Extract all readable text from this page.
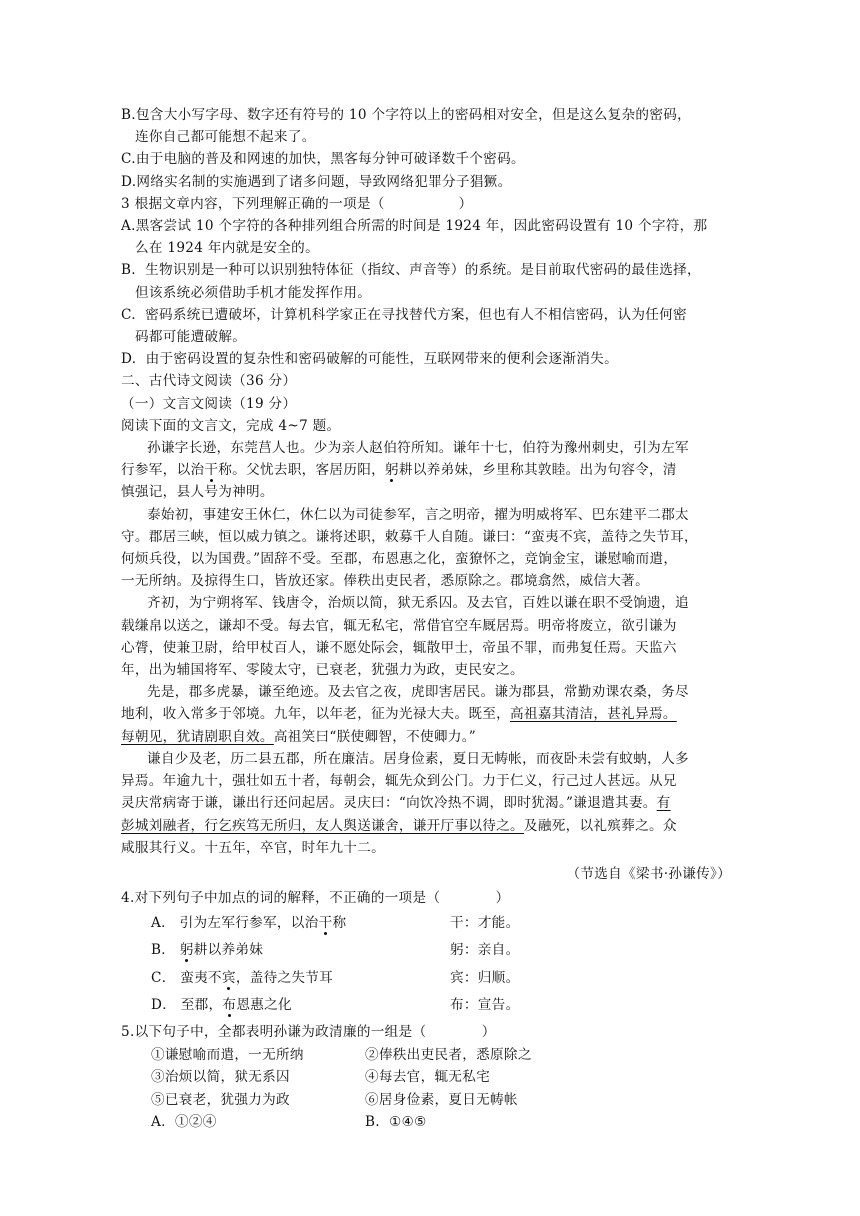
B.包含大小写字母、数字还有符号的 10 个字符以上的密码相对安全，但是这么复杂的密码，
连你自己都可能想不起来了。
C.由于电脑的普及和网速的加快，黑客每分钟可破译数千个密码。
D.网络实名制的实施遇到了诸多问题，导致网络犯罪分子猖獗。
3 根据文章内容，下列理解正确的一项是（                ）
A.黑客尝试 10 个字符的各种排列组合所需的时间是 1924 年，因此密码设置有 10 个字符，那
么在 1924 年内就是安全的。
B.  生物识别是一种可以识别独特体征（指纹、声音等）的系统。是目前取代密码的最佳选择，
但该系统必须借助手机才能发挥作用。
C.  密码系统已遭破坏，计算机科学家正在寻找替代方案，但也有人不相信密码，认为任何密
码都可能遭破解。
D.  由于密码设置的复杂性和密码破解的可能性，互联网带来的便利会逐渐消失。
二、古代诗文阅读（36 分）
（一）文言文阅读（19 分）
阅读下面的文言文，完成 4~7 题。
孙谦字长逊，东莞莒人也。少为亲人赵伯符所知。谦年十七，伯符为豫州刺史，引为左军
行参军，以治干称。父忧去职，客居历阳，躬耕以养弟妹，乡里称其敦睦。出为句容令，清
慎强记，县人号为神明。
泰始初，事建安王休仁，休仁以为司徒参军，言之明帝，擢为明威将军、巴东建平二郡太
守。郡居三峡，恒以威力镇之。谦将述职，敕募千人自随。谦曰：“蛮夷不宾，盖待之失节耳，
何烦兵役，以为国费。”固辞不受。至郡，布恩惠之化，蛮獠怀之，竞饷金宝，谦慰喻而遣，
一无所纳。及掠得生口，皆放还家。俸秩出吏民者，悉原除之。郡境翕然，威信大著。
齐初，为宁朔将军、钱唐令，治烦以简，狱无系囚。及去官，百姓以谦在职不受饷遗，追
载缣帛以送之，谦却不受。每去官，辄无私宅，常借官空车厩居焉。明帝将废立，欲引谦为
心膂，使兼卫尉，给甲杖百人，谦不愿处际会，辄散甲士，帝虽不罪，而弗复任焉。天监六
年，出为辅国将军、零陵太守，已衰老，犹强力为政，吏民安之。
先是，郡多虎暴，谦至绝迹。及去官之夜，虎即害居民。谦为郡县，常勤劝课农桑，务尽
地利，收入常多于邻境。九年，以年老，征为光禄大夫。既至，高祖嘉其清洁，甚礼异焉。
每朝见，犹请剧职自效。高祖笑曰“朕使卿智，不使卿力。”
谦自少及老，历二县五郡，所在廉洁。居身俭素，夏日无帱帐，而夜卧未尝有蚊蚋，人多
异焉。年逾九十，强壮如五十者，每朝会，辄先众到公门。力于仁义，行己过人甚远。从兄
灵庆常病寄于谦，谦出行还问起居。灵庆曰：“向饮冷热不调，即时犹渴。”谦退遣其妻。有
彭城刘融者，行乞疾笃无所归，友人舆送谦舍，谦开厅事以待之。及融死，以礼殡葬之。众
咸服其行义。十五年，卒官，时年九十二。
（节选自《梁书·孙谦传》）
4.对下列句子中加点的词的解释，不正确的一项是（            ）
A． 引为左军行参军，以治干称	干：才能。
B． 躬耕以养弟妹	躬：亲自。
C． 蛮夷不宾，盖待之失节耳	宾：归顺。
D． 至郡，布恩惠之化	布：宣告。
5.以下句子中，全都表明孙谦为政清廉的一组是（            ）
①谦慰喻而遣，一无所纳	②俸秩出吏民者，悉原除之
③治烦以简，狱无系囚	④每去官，辄无私宅
⑤已衰老，犹强力为政	⑥居身俭素，夏日无帱帐
A．①②④	B.  ①④⑤
